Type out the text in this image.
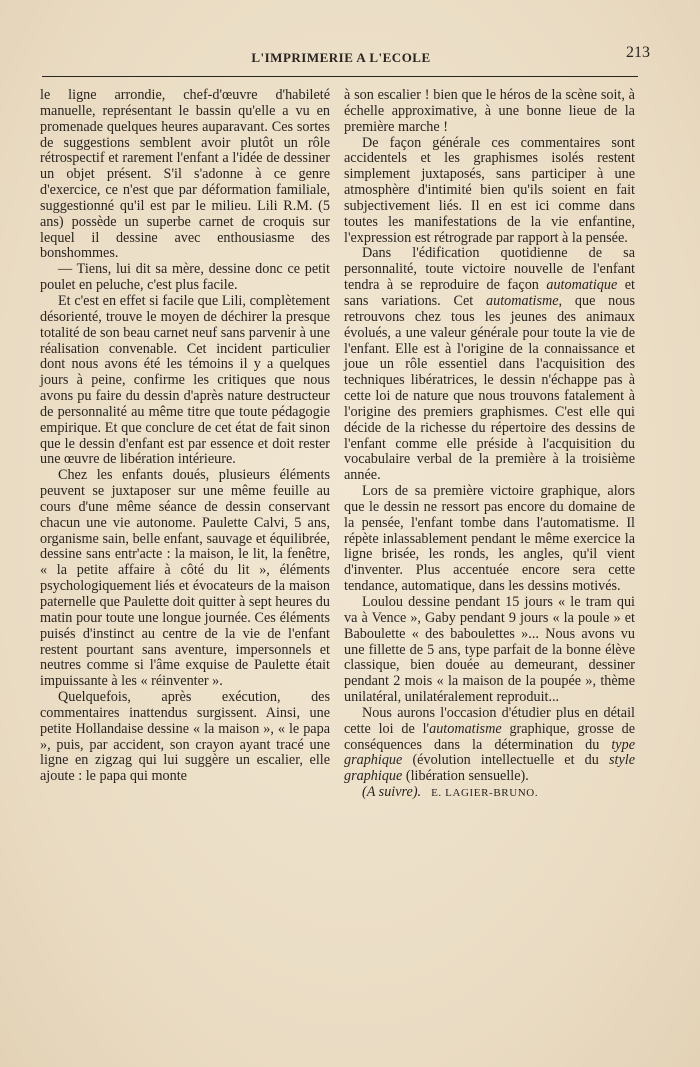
L'IMPRIMERIE A L'ECOLE	213

le ligne arrondie, chef-d'œuvre d'habileté manuelle, représentant le bassin qu'elle a vu en promenade quelques heures auparavant. Ces sortes de suggestions semblent avoir plutôt un rôle rétrospectif et rarement l'enfant a l'idée de dessiner un objet présent. S'il s'adonne à ce genre d'exercice, ce n'est que par déformation familiale, suggestionné qu'il est par le milieu. Lili R.M. (5 ans) possède un superbe carnet de croquis sur lequel il dessine avec enthousiasme des bonshommes.

— Tiens, lui dit sa mère, dessine donc ce petit poulet en peluche, c'est plus facile.

Et c'est en effet si facile que Lili, complètement désorienté, trouve le moyen de déchirer la presque totalité de son beau carnet neuf sans parvenir à une réalisation convenable. Cet incident particulier dont nous avons été les témoins il y a quelques jours à peine, confirme les critiques que nous avons pu faire du dessin d'après nature destructeur de personnalité au même titre que toute pédagogie empirique. Et que conclure de cet état de fait sinon que le dessin d'enfant est par essence et doit rester une œuvre de libération intérieure.

Chez les enfants doués, plusieurs éléments peuvent se juxtaposer sur une même feuille au cours d'une même séance de dessin conservant chacun une vie autonome. Paulette Calvi, 5 ans, organisme sain, belle enfant, sauvage et équilibrée, dessine sans entr'acte : la maison, le lit, la fenêtre, « la petite affaire à côté du lit », éléments psychologiquement liés et évocateurs de la maison paternelle que Paulette doit quitter à sept heures du matin pour toute une longue journée. Ces éléments puisés d'instinct au centre de la vie de l'enfant restent pourtant sans aventure, impersonnels et neutres comme si l'âme exquise de Paulette était impuissante à les « réinventer ».

Quelquefois, après exécution, des commentaires inattendus surgissent. Ainsi, une petite Hollandaise dessine « la maison », « le papa », puis, par accident, son crayon ayant tracé une ligne en zigzag qui lui suggère un escalier, elle ajoute : le papa qui monte

à son escalier ! bien que le héros de la scène soit, à échelle approximative, à une bonne lieue de la première marche !

De façon générale ces commentaires sont accidentels et les graphismes isolés restent simplement juxtaposés, sans participer à une atmosphère d'intimité bien qu'ils soient en fait subjectivement liés. Il en est ici comme dans toutes les manifestations de la vie enfantine, l'expression est rétrograde par rapport à la pensée.

Dans l'édification quotidienne de sa personnalité, toute victoire nouvelle de l'enfant tendra à se reproduire de façon automatique et sans variations. Cet automatisme, que nous retrouvons chez tous les jeunes des animaux évolués, a une valeur générale pour toute la vie de l'enfant. Elle est à l'origine de la connaissance et joue un rôle essentiel dans l'acquisition des techniques libératrices, le dessin n'échappe pas à cette loi de nature que nous trouvons fatalement à l'origine des premiers graphismes. C'est elle qui décide de la richesse du répertoire des dessins de l'enfant comme elle préside à l'acquisition du vocabulaire verbal de la première à la troisième année.

Lors de sa première victoire graphique, alors que le dessin ne ressort pas encore du domaine de la pensée, l'enfant tombe dans l'automatisme. Il répète inlassablement pendant le même exercice la ligne brisée, les ronds, les angles, qu'il vient d'inventer. Plus accentuée encore sera cette tendance, automatique, dans les dessins motivés.

Loulou dessine pendant 15 jours « le tram qui va à Vence », Gaby pendant 9 jours « la poule » et Baboulette « des baboulettes »... Nous avons vu une fillette de 5 ans, type parfait de la bonne élève classique, bien douée au demeurant, dessiner pendant 2 mois « la maison de la poupée », thème unilatéral, unilatéralement reproduit...

Nous aurons l'occasion d'étudier plus en détail cette loi de l'automatisme graphique, grosse de conséquences dans la détermination du type graphique (évolution intellectuelle et du style graphique (libération sensuelle).

(A suivre). E. LAGIER-BRUNO.
